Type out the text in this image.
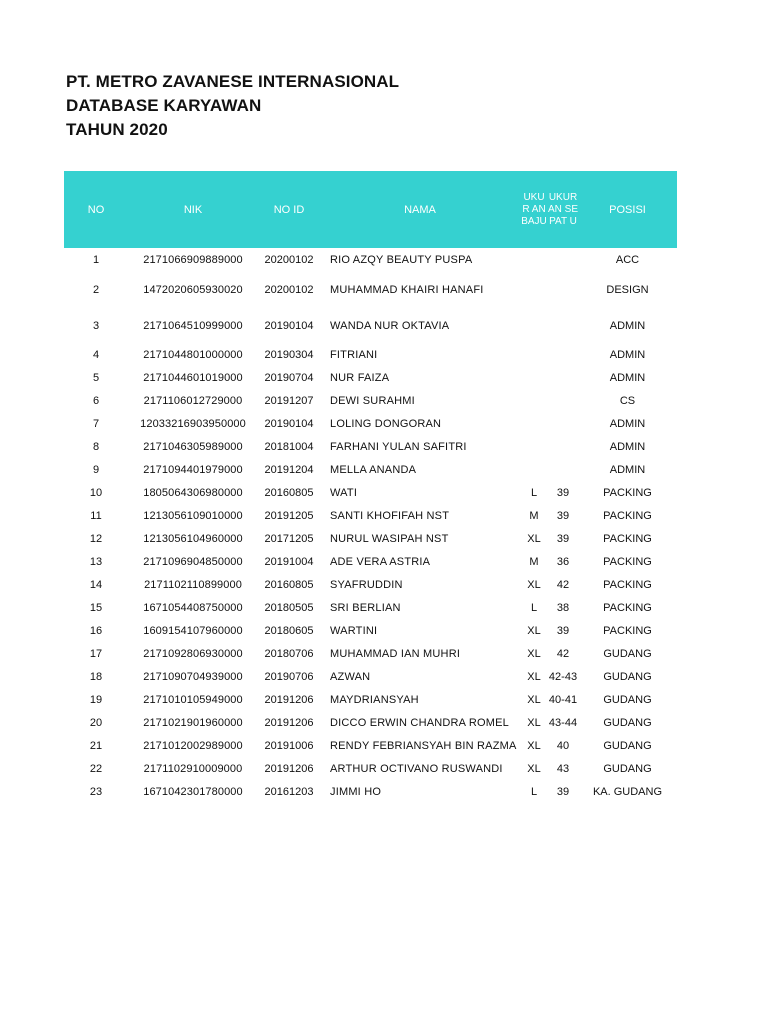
PT. METRO ZAVANESE INTERNASIONAL
DATABASE KARYAWAN
TAHUN 2020
NO	NIK	NO ID	NAMA	UKUR AN BAJU	UKUR AN SEPAT U	POSISI
1	2171066909889000	20200102	RIO AZQY BEAUTY PUSPA			ACC
2	1472020605930020	20200102	MUHAMMAD KHAIRI HANAFI			DESIGN
3	2171064510999000	20190104	WANDA NUR OKTAVIA			ADMIN
4	2171044801000000	20190304	FITRIANI			ADMIN
5	2171044601019000	20190704	NUR FAIZA			ADMIN
6	2171106012729000	20191207	DEWI SURAHMI			CS
7	12033216903950000	20190104	LOLING DONGORAN			ADMIN
8	2171046305989000	20181004	FARHANI YULAN SAFITRI			ADMIN
9	2171094401979000	20191204	MELLA ANANDA			ADMIN
10	1805064306980000	20160805	WATI	L	39	PACKING
11	1213056109010000	20191205	SANTI KHOFIFAH NST	M	39	PACKING
12	1213056104960000	20171205	NURUL WASIPAH NST	XL	39	PACKING
13	2171096904850000	20191004	ADE VERA ASTRIA	M	36	PACKING
14	2171102110899000	20160805	SYAFRUDDIN	XL	42	PACKING
15	1671054408750000	20180505	SRI BERLIAN	L	38	PACKING
16	1609154107960000	20180605	WARTINI	XL	39	PACKING
17	2171092806930000	20180706	MUHAMMAD IAN MUHRI	XL	42	GUDANG
18	2171090704939000	20190706	AZWAN	XL	42-43	GUDANG
19	2171010105949000	20191206	MAYDRIANSYAH	XL	40-41	GUDANG
20	2171021901960000	20191206	DICCO ERWIN CHANDRA ROMEL	XL	43-44	GUDANG
21	2171012002989000	20191006	RENDY FEBRIANSYAH BIN RAZMA	XL	40	GUDANG
22	2171102910009000	20191206	ARTHUR OCTIVANO RUSWANDI	XL	43	GUDANG
23	1671042301780000	20161203	JIMMI HO	L	39	KA. GUDANG
